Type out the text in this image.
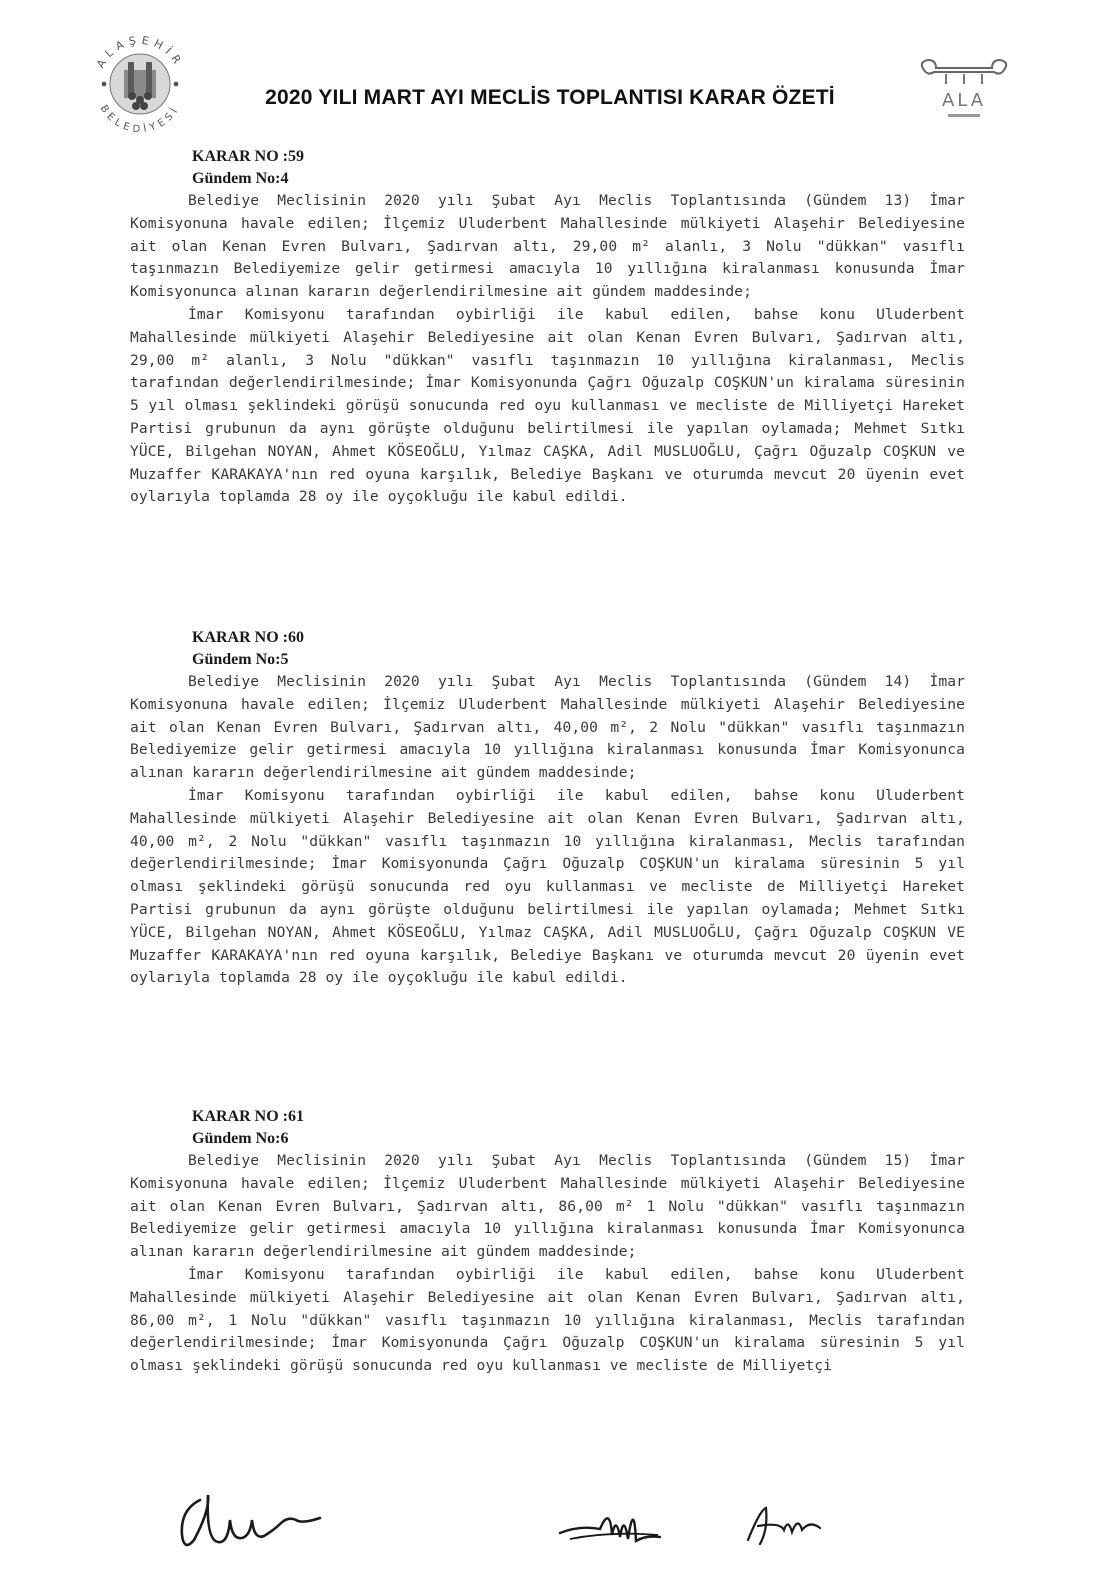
ALAŞEHİR
BELEDİYESİ
2020 YILI MART AYI MECLİS TOPLANTISI KARAR ÖZETİ	ALA
KARAR NO :59
Gündem No:4

Belediye Meclisinin 2020 yılı Şubat Ayı Meclis Toplantısında (Gündem 13) İmar Komisyonuna havale edilen; İlçemiz Uluderbent Mahallesinde mülkiyeti Alaşehir Belediyesine ait olan Kenan Evren Bulvarı, Şadırvan altı, 29,00 m² alanlı, 3 Nolu "dükkan" vasıflı taşınmazın Belediyemize gelir getirmesi amacıyla 10 yıllığına kiralanması konusunda İmar Komisyonunca alınan kararın değerlendirilmesine ait gündem maddesinde;

İmar Komisyonu tarafından oybirliği ile kabul edilen, bahse konu Uluderbent Mahallesinde mülkiyeti Alaşehir Belediyesine ait olan Kenan Evren Bulvarı, Şadırvan altı, 29,00 m² alanlı, 3 Nolu "dükkan" vasıflı taşınmazın 10 yıllığına kiralanması, Meclis tarafından değerlendirilmesinde; İmar Komisyonunda Çağrı Oğuzalp COŞKUN'un kiralama süresinin 5 yıl olması şeklindeki görüşü sonucunda red oyu kullanması ve mecliste de Milliyetçi Hareket Partisi grubunun da aynı görüşte olduğunu belirtilmesi ile yapılan oylamada; Mehmet Sıtkı YÜCE, Bilgehan NOYAN, Ahmet KÖSEOĞLU, Yılmaz CAŞKA, Adil MUSLUOĞLU, Çağrı Oğuzalp COŞKUN ve Muzaffer KARAKAYA'nın red oyuna karşılık, Belediye Başkanı ve oturumda mevcut 20 üyenin evet oylarıyla toplamda 28 oy ile oyçokluğu ile kabul edildi.

KARAR NO :60
Gündem No:5

Belediye Meclisinin 2020 yılı Şubat Ayı Meclis Toplantısında (Gündem 14) İmar Komisyonuna havale edilen; İlçemiz Uluderbent Mahallesinde mülkiyeti Alaşehir Belediyesine ait olan Kenan Evren Bulvarı, Şadırvan altı, 40,00 m², 2 Nolu "dükkan" vasıflı taşınmazın Belediyemize gelir getirmesi amacıyla 10 yıllığına kiralanması konusunda İmar Komisyonunca alınan kararın değerlendirilmesine ait gündem maddesinde;

İmar Komisyonu tarafından oybirliği ile kabul edilen, bahse konu Uluderbent Mahallesinde mülkiyeti Alaşehir Belediyesine ait olan Kenan Evren Bulvarı, Şadırvan altı, 40,00 m², 2 Nolu "dükkan" vasıflı taşınmazın 10 yıllığına kiralanması, Meclis tarafından değerlendirilmesinde; İmar Komisyonunda Çağrı Oğuzalp COŞKUN'un kiralama süresinin 5 yıl olması şeklindeki görüşü sonucunda red oyu kullanması ve mecliste de Milliyetçi Hareket Partisi grubunun da aynı görüşte olduğunu belirtilmesi ile yapılan oylamada; Mehmet Sıtkı YÜCE, Bilgehan NOYAN, Ahmet KÖSEOĞLU, Yılmaz CAŞKA, Adil MUSLUOĞLU, Çağrı Oğuzalp COŞKUN VE Muzaffer KARAKAYA'nın red oyuna karşılık, Belediye Başkanı ve oturumda mevcut 20 üyenin evet oylarıyla toplamda 28 oy ile oyçokluğu ile kabul edildi.

KARAR NO :61
Gündem No:6

Belediye Meclisinin 2020 yılı Şubat Ayı Meclis Toplantısında (Gündem 15) İmar Komisyonuna havale edilen; İlçemiz Uluderbent Mahallesinde mülkiyeti Alaşehir Belediyesine ait olan Kenan Evren Bulvarı, Şadırvan altı, 86,00 m² 1 Nolu "dükkan" vasıflı taşınmazın Belediyemize gelir getirmesi amacıyla 10 yıllığına kiralanması konusunda İmar Komisyonunca alınan kararın değerlendirilmesine ait gündem maddesinde;

İmar Komisyonu tarafından oybirliği ile kabul edilen, bahse konu Uluderbent Mahallesinde mülkiyeti Alaşehir Belediyesine ait olan Kenan Evren Bulvarı, Şadırvan altı, 86,00 m², 1 Nolu "dükkan" vasıflı taşınmazın 10 yıllığına kiralanması, Meclis tarafından değerlendirilmesinde; İmar Komisyonunda Çağrı Oğuzalp COŞKUN'un kiralama süresinin 5 yıl olması şeklindeki görüşü sonucunda red oyu kullanması ve mecliste de Milliyetçi
